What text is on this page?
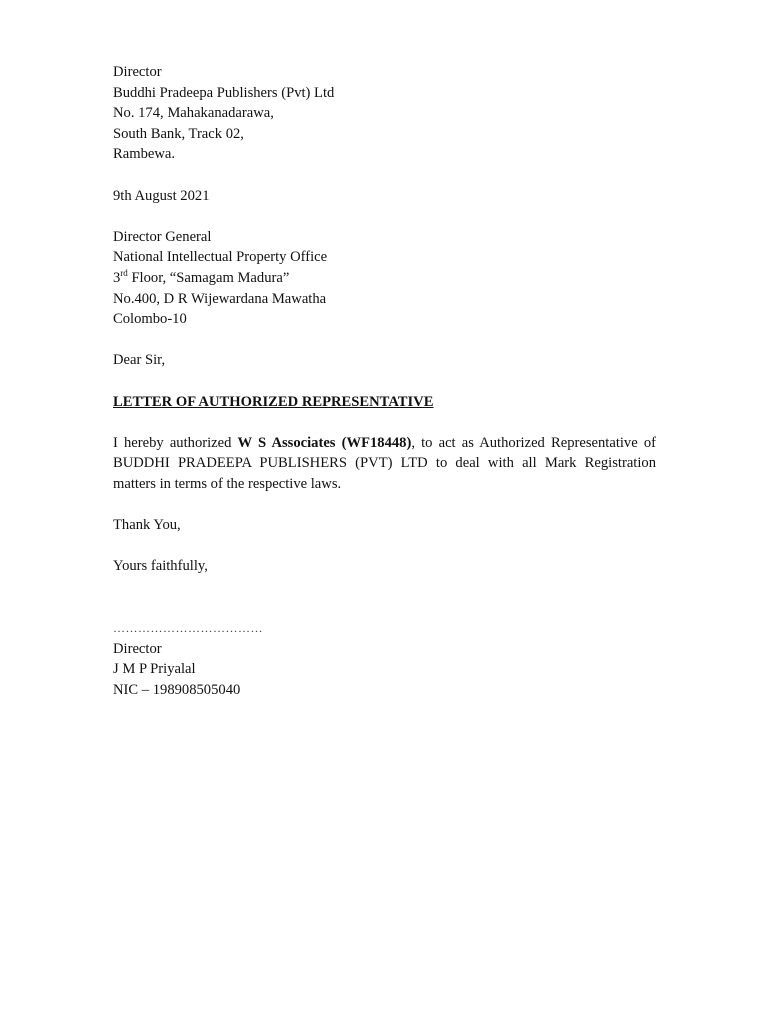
Director
Buddhi Pradeepa Publishers (Pvt) Ltd
No. 174, Mahakanadarawa,
South Bank, Track 02,
Rambewa.
9th August 2021
Director General
National Intellectual Property Office
3rd Floor, “Samagam Madura”
No.400, D R Wijewardana Mawatha
Colombo-10
Dear Sir,
LETTER OF AUTHORIZED REPRESENTATIVE

I hereby authorized W S Associates (WF18448), to act as Authorized Representative of BUDDHI PRADEEPA PUBLISHERS (PVT) LTD to deal with all Mark Registration matters in terms of the respective laws.

Thank You,
Yours faithfully,
………………………………
Director
J M P Priyalal
NIC – 198908505040
